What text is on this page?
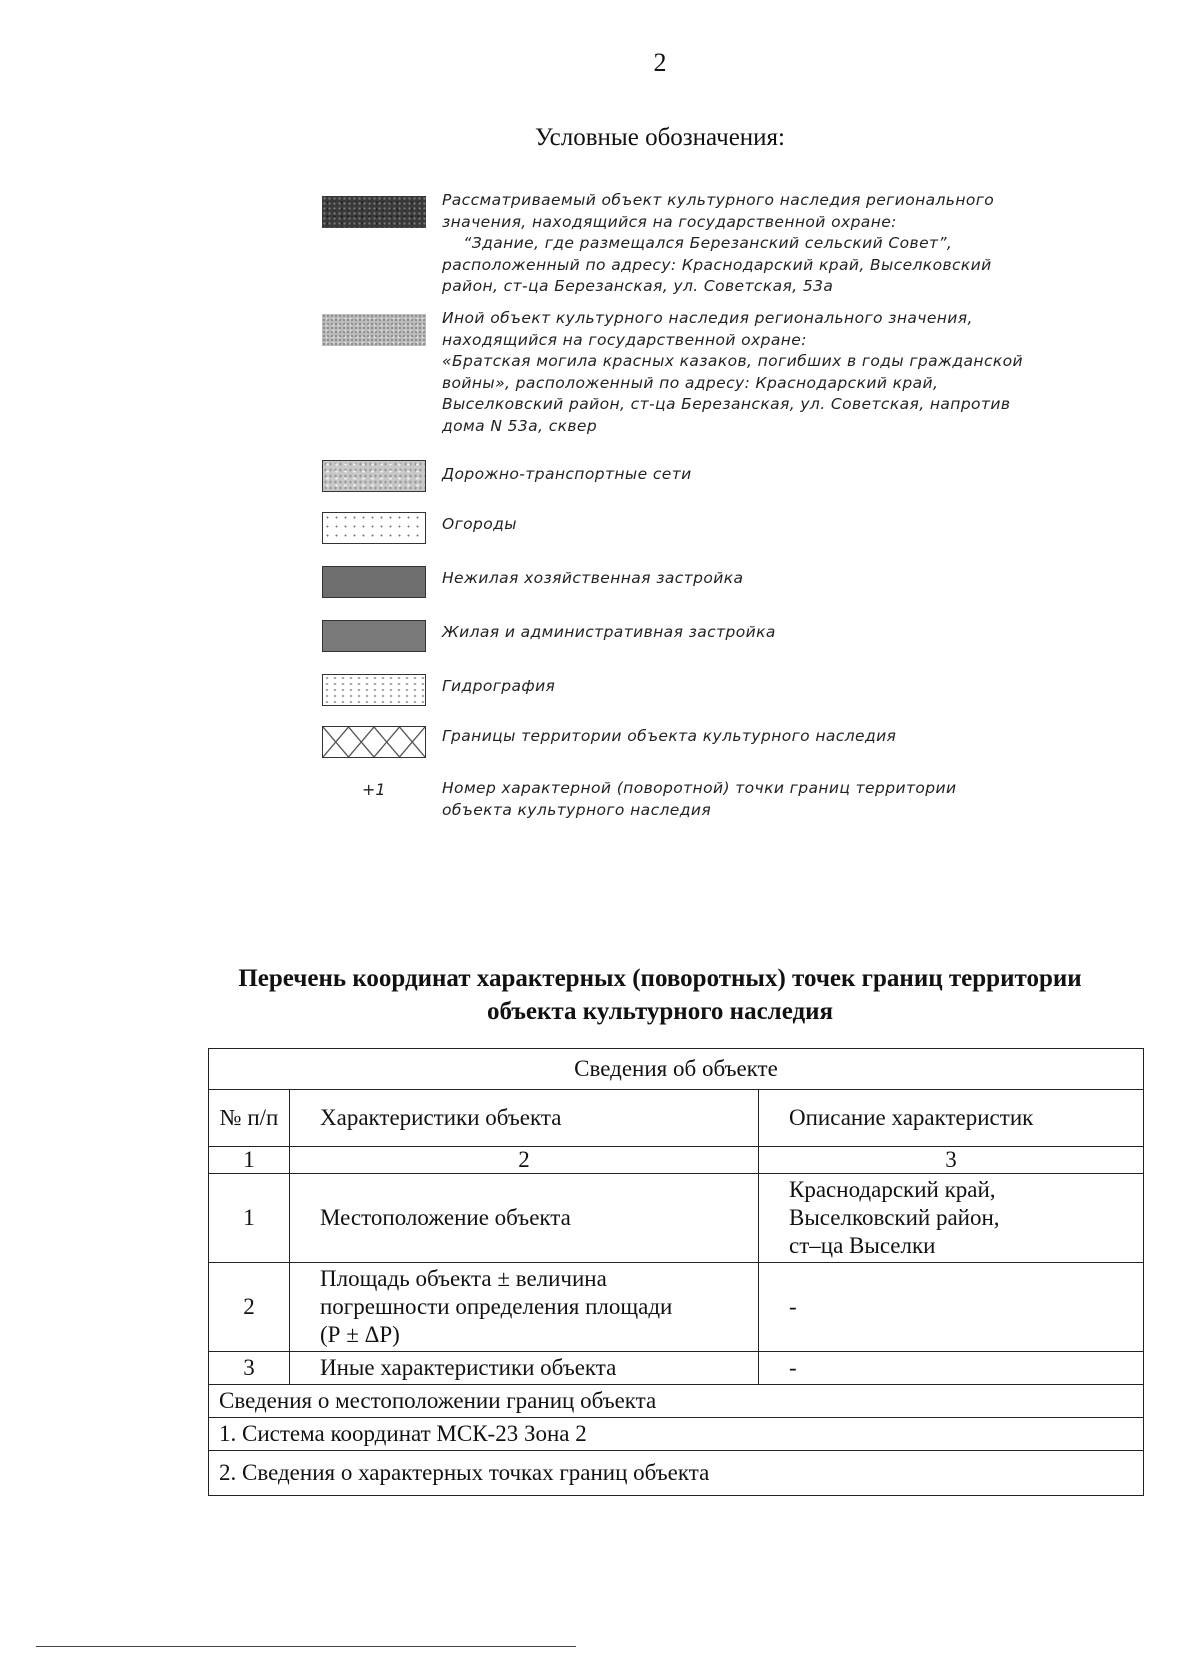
2
Условные обозначения:
Рассматриваемый объект культурного наследия регионального
значения, находящийся на государственной охране:
“Здание, где размещался Березанский сельский Совет”,
расположенный по адресу: Краснодарский край, Выселковский
район, ст-ца Березанская, ул. Советская, 53а
Иной объект культурного наследия регионального значения,
находящийся на государственной охране:
«Братская могила красных казаков, погибших в годы гражданской
войны», расположенный по адресу: Краснодарский край,
Выселковский район, ст-ца Березанская, ул. Советская, напротив
дома N 53а, сквер
Дорожно-транспортные сети
Огороды
Нежилая хозяйственная застройка
Жилая и административная застройка
Гидрография
Границы территории объекта культурного наследия
+1	Номер характерной (поворотной) точки границ территории
объекта культурного наследия
Перечень координат характерных (поворотных) точек границ территории
объекта культурного наследия
Сведения об объекте		
№ п/п	Характеристики объекта	Описание характеристик
1	2	3
1	Местоположение объекта	Краснодарский край,
Выселковский район,
ст–ца Выселки

2	Площадь объекта ± величина
погрешности определения площади
(Р ± ΔР)	-
3	Иные характеристики объекта	-
Сведения о местоположении границ объекта		
1. Система координат МСК-23 Зона 2		
2. Сведения о характерных точках границ объекта		
